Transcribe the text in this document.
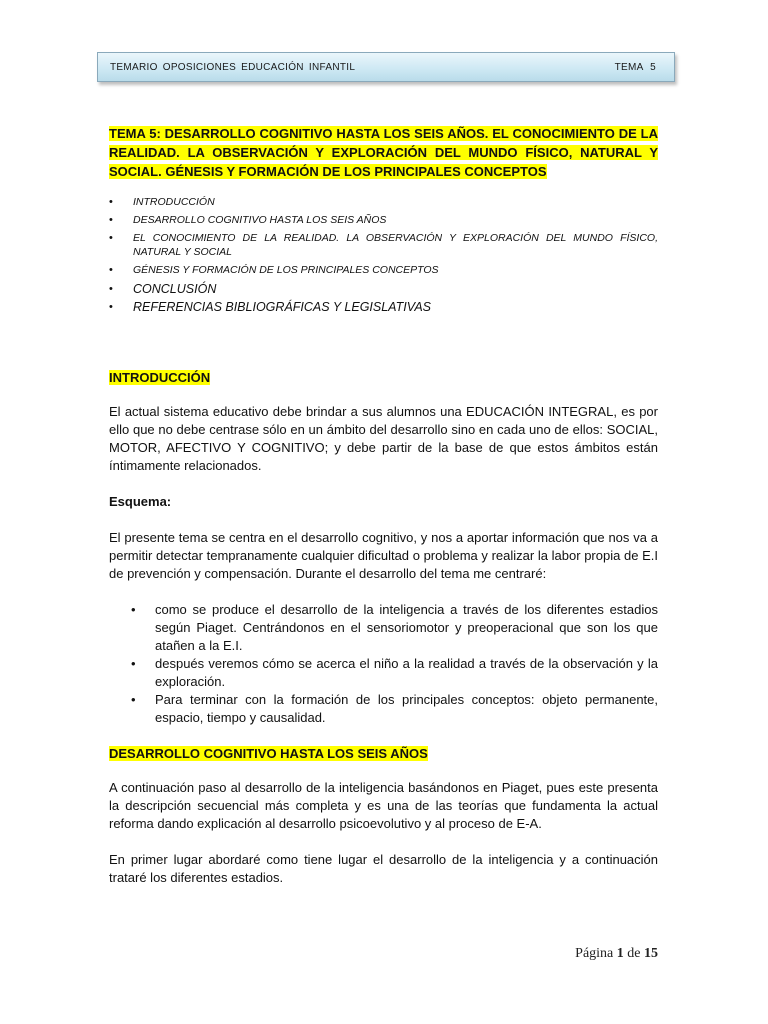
TEMARIO OPOSICIONES EDUCACIÓN INFANTIL	TEMA 5
TEMA 5: DESARROLLO COGNITIVO HASTA LOS SEIS AÑOS. EL CONOCIMIENTO DE LA REALIDAD. LA OBSERVACIÓN Y EXPLORACIÓN DEL MUNDO FÍSICO, NATURAL Y SOCIAL. GÉNESIS Y FORMACIÓN DE LOS PRINCIPALES CONCEPTOS
• INTRODUCCIÓN
• DESARROLLO COGNITIVO HASTA LOS SEIS AÑOS
• EL CONOCIMIENTO DE LA REALIDAD. LA OBSERVACIÓN Y EXPLORACIÓN DEL MUNDO FÍSICO, NATURAL Y SOCIAL
• GÉNESIS Y FORMACIÓN DE LOS PRINCIPALES CONCEPTOS
• CONCLUSIÓN
• REFERENCIAS BIBLIOGRÁFICAS Y LEGISLATIVAS
INTRODUCCIÓN

El actual sistema educativo debe brindar a sus alumnos una EDUCACIÓN INTEGRAL, es por ello que no debe centrase sólo en un ámbito del desarrollo sino en cada uno de ellos: SOCIAL, MOTOR, AFECTIVO Y COGNITIVO; y debe partir de la base de que estos ámbitos están íntimamente relacionados.

Esquema:

El presente tema se centra en el desarrollo cognitivo, y nos a aportar información que nos va a permitir detectar tempranamente cualquier dificultad o problema y realizar la labor propia de E.I de prevención y compensación. Durante el desarrollo del tema me centraré:

• como se produce el desarrollo de la inteligencia a través de los diferentes estadios según Piaget. Centrándonos en el sensoriomotor y preoperacional que son los que atañen a la E.I.
• después veremos cómo se acerca el niño a la realidad a través de la observación y la exploración.
• Para terminar con la formación de los principales conceptos: objeto permanente, espacio, tiempo y causalidad.
DESARROLLO COGNITIVO HASTA LOS SEIS AÑOS

A continuación paso al desarrollo de la inteligencia basándonos en Piaget, pues este presenta la descripción secuencial más completa y es una de las teorías que fundamenta la actual reforma dando explicación al desarrollo psicoevolutivo y al proceso de E-A.

En primer lugar abordaré como tiene lugar el desarrollo de la inteligencia y a continuación trataré los diferentes estadios.

Página 1 de 15
